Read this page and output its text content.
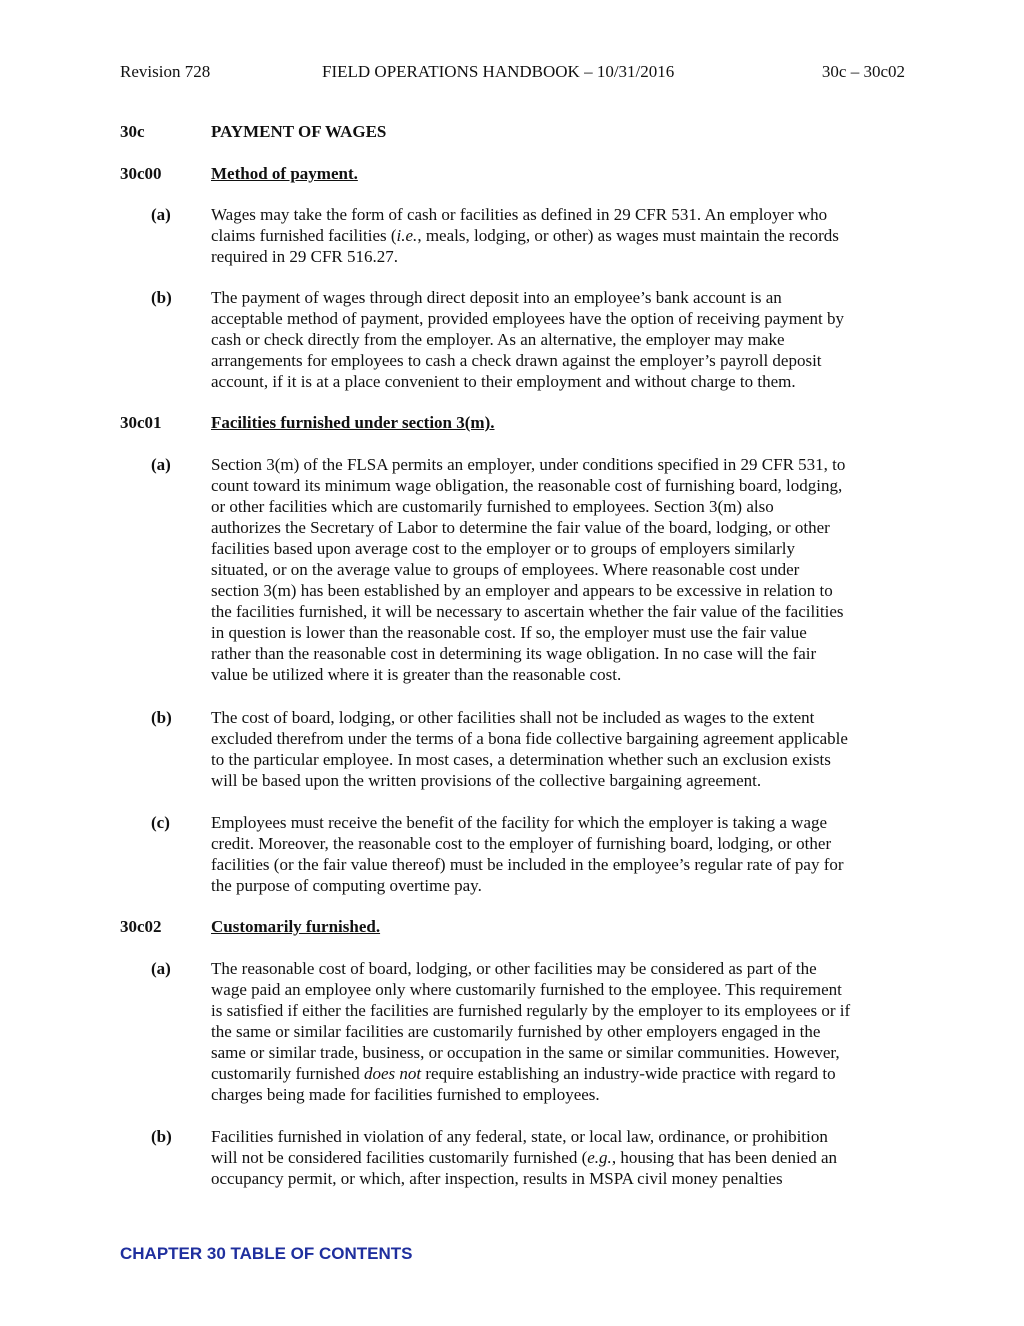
Revision 728	FIELD OPERATIONS HANDBOOK – 10/31/2016	30c – 30c02
30c	PAYMENT OF WAGES
30c00	Method of payment.
(a) Wages may take the form of cash or facilities as defined in 29 CFR 531. An employer who
claims furnished facilities (i.e., meals, lodging, or other) as wages must maintain the records
required in 29 CFR 516.27.
(b) The payment of wages through direct deposit into an employee’s bank account is an
acceptable method of payment, provided employees have the option of receiving payment by
cash or check directly from the employer. As an alternative, the employer may make
arrangements for employees to cash a check drawn against the employer’s payroll deposit
account, if it is at a place convenient to their employment and without charge to them.
30c01	Facilities furnished under section 3(m).
(a) Section 3(m) of the FLSA permits an employer, under conditions specified in 29 CFR 531, to
count toward its minimum wage obligation, the reasonable cost of furnishing board, lodging,
or other facilities which are customarily furnished to employees. Section 3(m) also
authorizes the Secretary of Labor to determine the fair value of the board, lodging, or other
facilities based upon average cost to the employer or to groups of employers similarly
situated, or on the average value to groups of employees. Where reasonable cost under
section 3(m) has been established by an employer and appears to be excessive in relation to
the facilities furnished, it will be necessary to ascertain whether the fair value of the facilities
in question is lower than the reasonable cost. If so, the employer must use the fair value
rather than the reasonable cost in determining its wage obligation. In no case will the fair
value be utilized where it is greater than the reasonable cost.
(b) The cost of board, lodging, or other facilities shall not be included as wages to the extent
excluded therefrom under the terms of a bona fide collective bargaining agreement applicable
to the particular employee. In most cases, a determination whether such an exclusion exists
will be based upon the written provisions of the collective bargaining agreement.
(c) Employees must receive the benefit of the facility for which the employer is taking a wage
credit. Moreover, the reasonable cost to the employer of furnishing board, lodging, or other
facilities (or the fair value thereof) must be included in the employee’s regular rate of pay for
the purpose of computing overtime pay.
30c02	Customarily furnished.
(a) The reasonable cost of board, lodging, or other facilities may be considered as part of the
wage paid an employee only where customarily furnished to the employee. This requirement
is satisfied if either the facilities are furnished regularly by the employer to its employees or if
the same or similar facilities are customarily furnished by other employers engaged in the
same or similar trade, business, or occupation in the same or similar communities. However,
customarily furnished does not require establishing an industry-wide practice with regard to
charges being made for facilities furnished to employees.
(b) Facilities furnished in violation of any federal, state, or local law, ordinance, or prohibition
will not be considered facilities customarily furnished (e.g., housing that has been denied an
occupancy permit, or which, after inspection, results in MSPA civil money penalties
CHAPTER 30 TABLE OF CONTENTS
